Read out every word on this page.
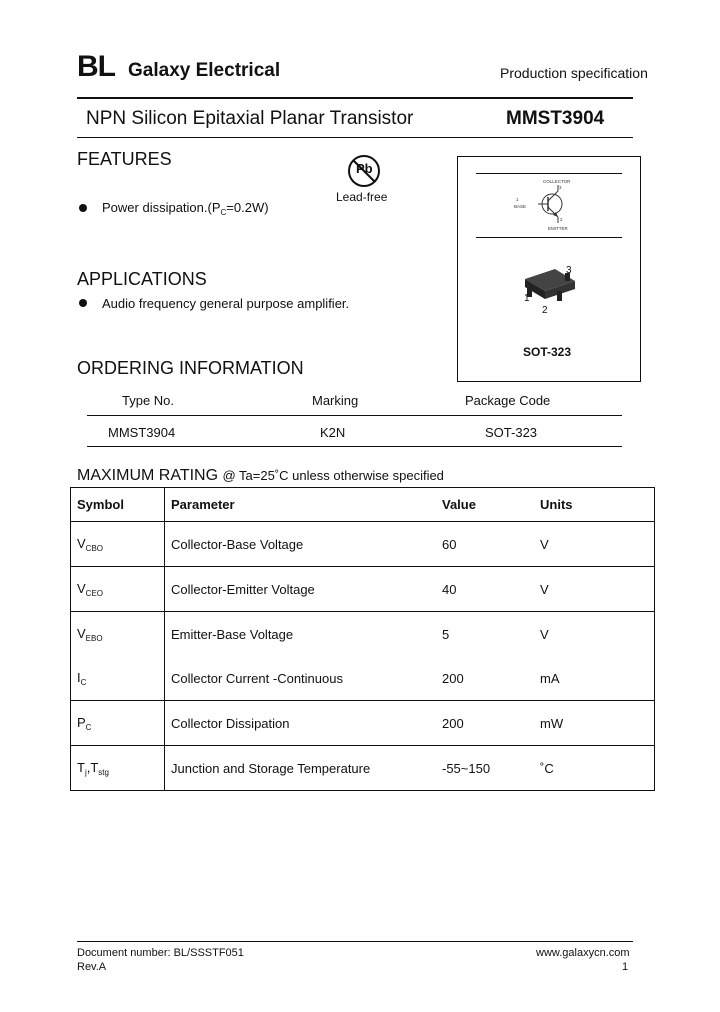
BL Galaxy Electrical	Production specification
NPN Silicon Epitaxial Planar Transistor	MMST3904
Pb
Lead-free
FEATURES
Power $dissipation.(P_C=0.2W)$
APPLICATIONS
Audio frequency general purpose amplifier.
COLLECTOR
3
1
BASE
2
EMITTER
3
1
2
SOT-323
ORDERING INFORMATION
Type No.	Marking	Package Code
MMST3904	K2N	SOT-323
MAXIMUM RATING @ Ta=25˚C unless otherwise specified
Symbol	Parameter	Value	Units
$V_{CBO}$	Collector-Base Voltage	60	V
$V_{CEO}$	Collector-Emitter Voltage	40	V
$V_{EBO}$	Emitter-Base Voltage	5	V
$I_C$	Collector Current -Continuous	200	mA
$P_C$	Collector Dissipation	200	mW
$T_j,T_{stg}$	Junction and Storage Temperature	-55~150	˚C
Document number: BL/SSSTF051
Rev.A
www.galaxycn.com
1
